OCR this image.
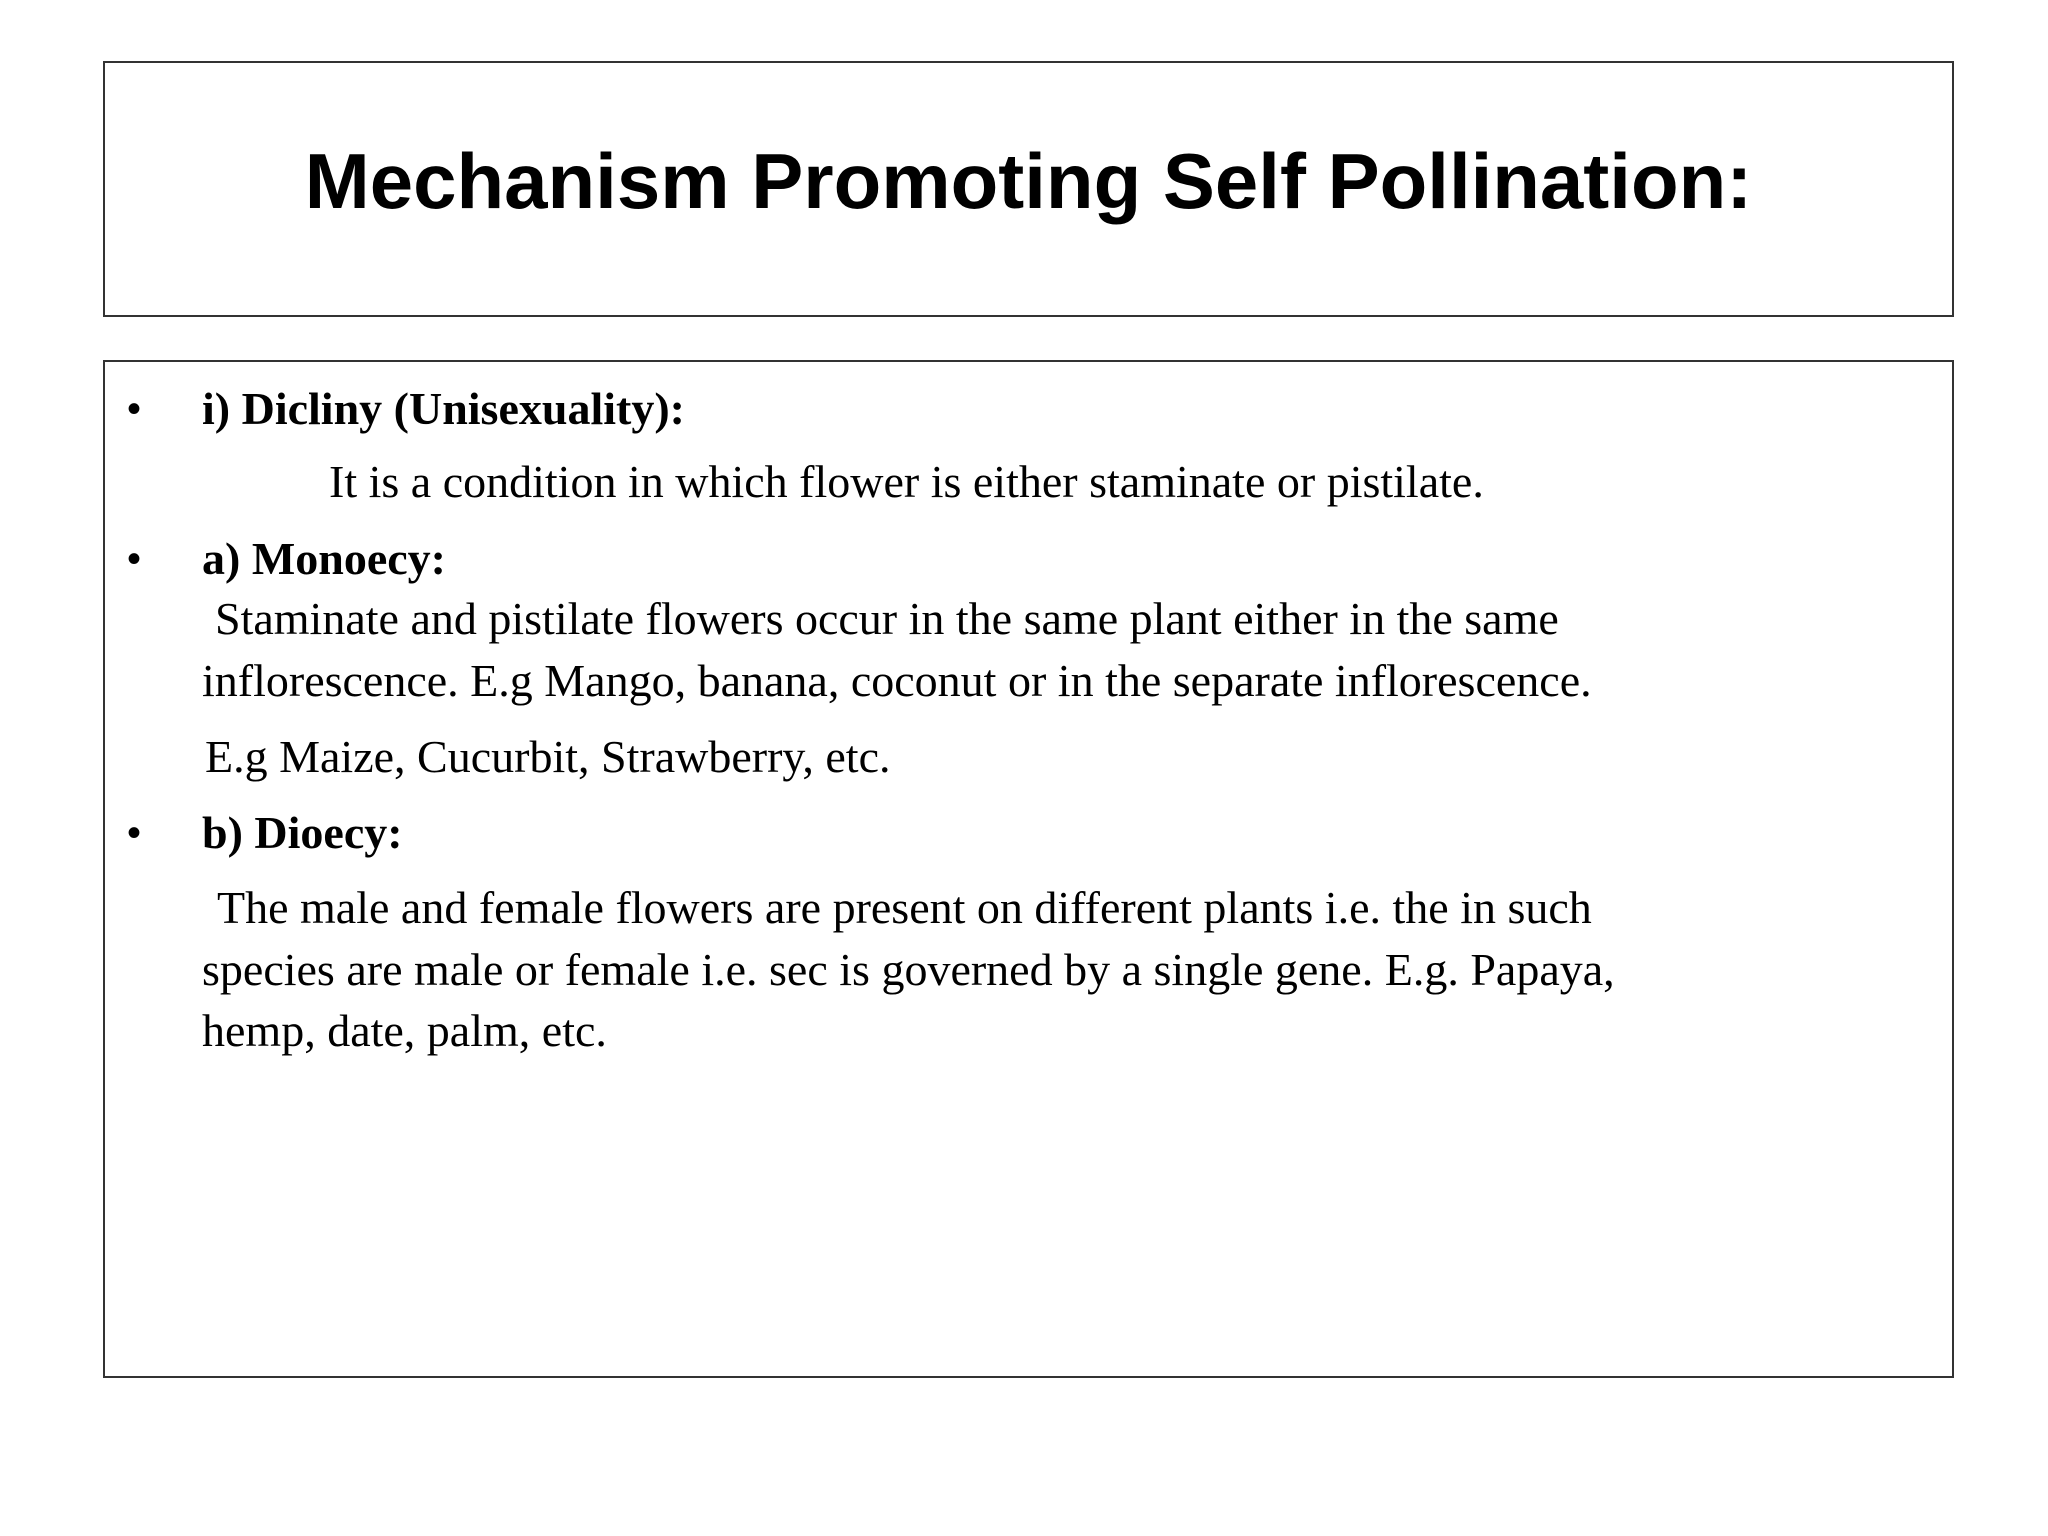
Mechanism Promoting Self Pollination:
• i) Dicliny (Unisexuality):
It is a condition in which flower is either staminate or pistilate.
• a) Monoecy:
Staminate and pistilate flowers occur in the same plant either in the same
inflorescence. E.g Mango, banana, coconut or in the separate inflorescence.
E.g Maize, Cucurbit, Strawberry, etc.
• b) Dioecy:
The male and female flowers are present on different plants i.e. the in such
species are male or female i.e. sec is governed by a single gene. E.g. Papaya,
hemp, date, palm, etc.
